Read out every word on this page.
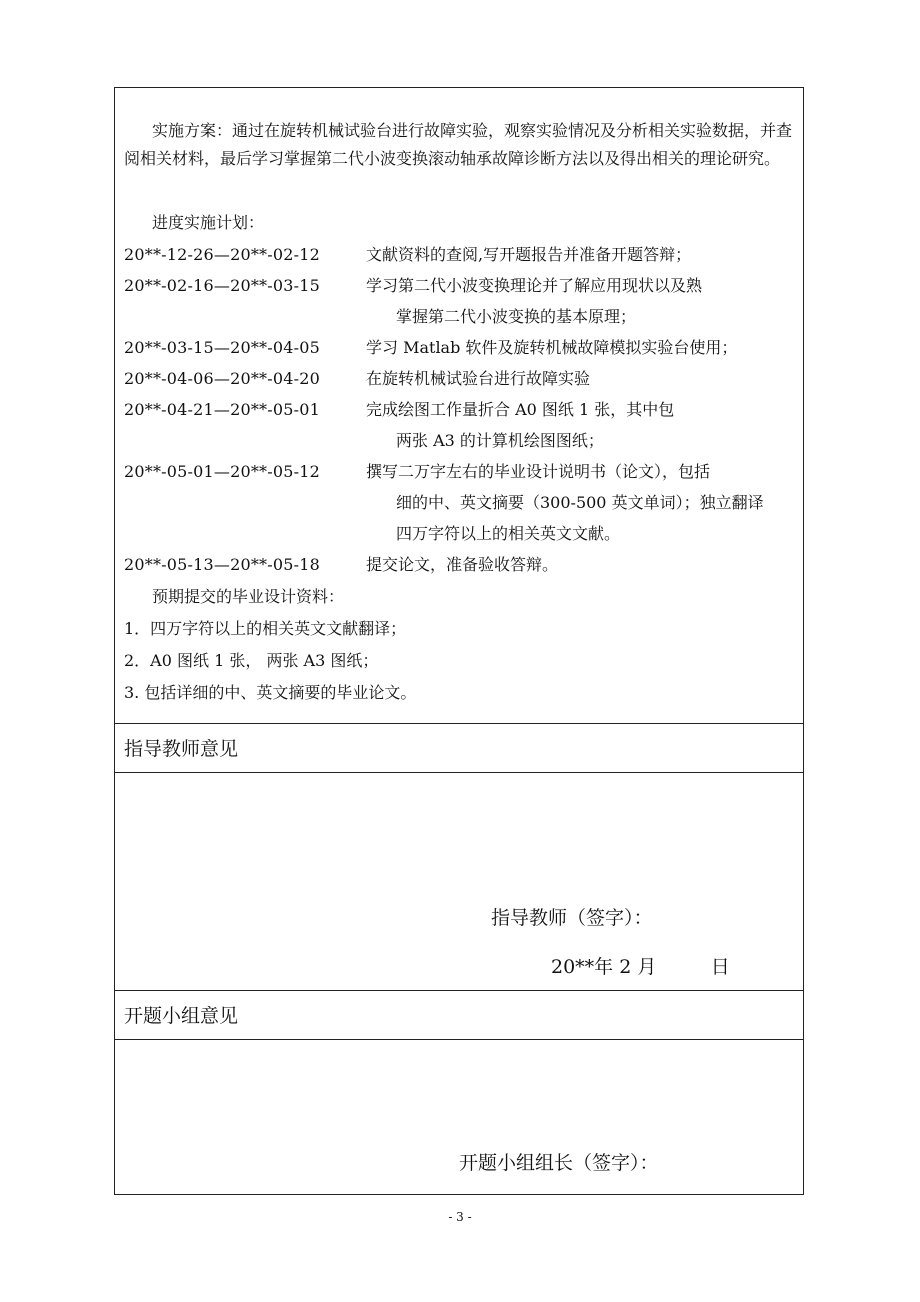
实施方案：通过在旋转机械试验台进行故障实验，观察实验情况及分析相关实验数据，并查阅相关材料，最后学习掌握第二代小波变换滚动轴承故障诊断方法以及得出相关的理论研究。
进度实施计划：
20**-12-26—20**-02-12	文献资料的查阅,写开题报告并准备开题答辩；
20**-02-16—20**-03-15	学习第二代小波变换理论并了解应用现状以及熟
掌握第二代小波变换的基本原理；
20**-03-15—20**-04-05	学习 Matlab 软件及旋转机械故障模拟实验台使用；
20**-04-06—20**-04-20	在旋转机械试验台进行故障实验
20**-04-21—20**-05-01	完成绘图工作量折合 A0 图纸 1 张，其中包
两张 A3 的计算机绘图图纸；
20**-05-01—20**-05-12	撰写二万字左右的毕业设计说明书（论文），包括
细的中、英文摘要（300-500 英文单词）；独立翻译
四万字符以上的相关英文文献。
20**-05-13—20**-05-18	提交论文，准备验收答辩。
预期提交的毕业设计资料：
1．四万字符以上的相关英文文献翻译；
2．A0 图纸 1 张， 两张 A3 图纸；
3. 包括详细的中、英文摘要的毕业论文。
指导教师意见
指导教师（签字）：
20**年 2 月         日
开题小组意见
开题小组组长（签字）：
- 3 -
